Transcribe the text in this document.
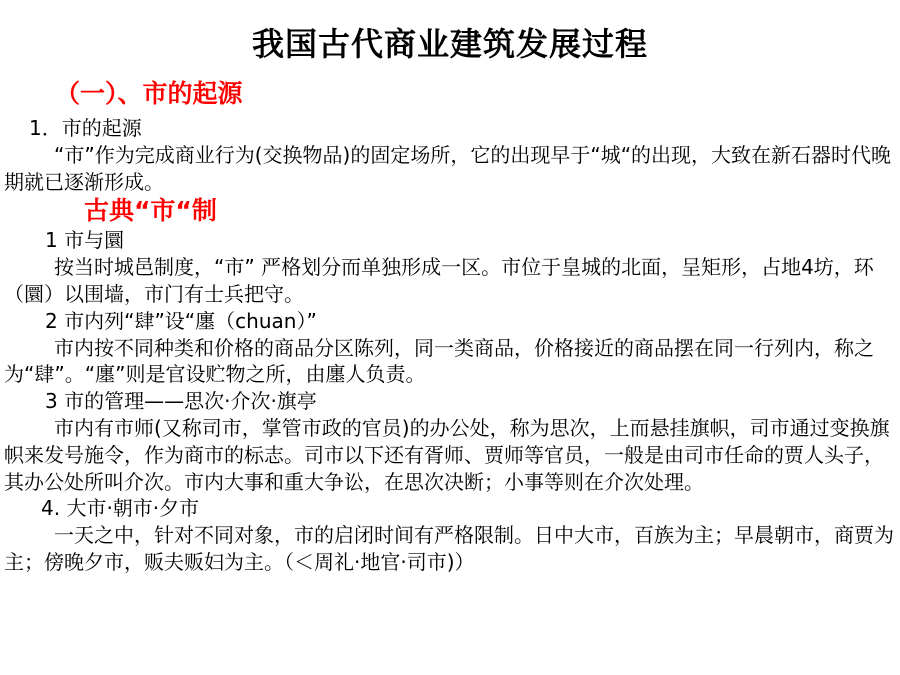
我国古代商业建筑发展过程
（一）、市的起源
1．市的起源

“市”作为完成商业行为(交换物品)的固定场所，它的出现早于“城“的出现，大致在新石器时代晚期就已逐渐形成。

古典“市“制
1 市与圜

按当时城邑制度，“市” 严格划分而单独形成一区。市位于皇城的北面，呈矩形，占地4坊，环（圜）以围墙，市门有士兵把守。

2 市内列“肆”设“廛（chuan）”

市内按不同种类和价格的商品分区陈列，同一类商品，价格接近的商品摆在同一行列内，称之为“肆”。“廛”则是官设贮物之所，由廛人负责。

3 市的管理——思次·介次·旗亭

市内有市师(又称司市，掌管市政的官员)的办公处，称为思次，上而悬挂旗帜，司市通过变换旗帜来发号施令，作为商市的标志。司市以下还有胥师、贾师等官员，一般是由司市任命的贾人头子，其办公处所叫介次。市内大事和重大争讼，在思次决断；小事等则在介次处理。

4. 大市·朝市·夕市

一天之中，针对不同对象，市的启闭时间有严格限制。日中大市，百族为主；早晨朝市，商贾为主；傍晚夕市，贩夫贩妇为主。（＜周礼·地官·司市)）
